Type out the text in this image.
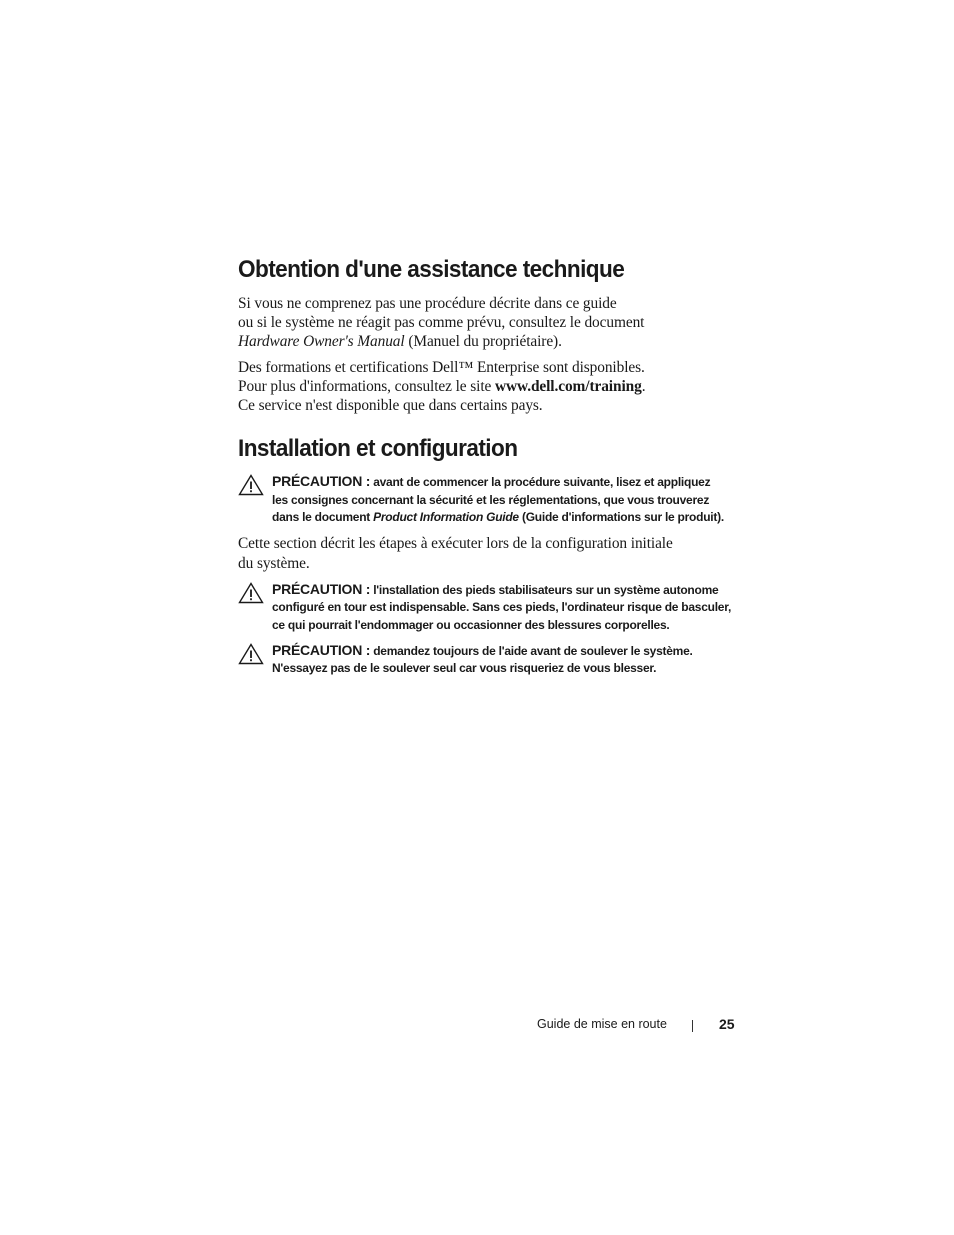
Obtention d'une assistance technique

Si vous ne comprenez pas une procédure décrite dans ce guide
ou si le système ne réagit pas comme prévu, consultez le document
Hardware Owner's Manual (Manuel du propriétaire).

Des formations et certifications Dell™ Enterprise sont disponibles.
Pour plus d'informations, consultez le site www.dell.com/training.
Ce service n'est disponible que dans certains pays.

Installation et configuration
PRÉCAUTION : avant de commencer la procédure suivante, lisez et appliquez
les consignes concernant la sécurité et les réglementations, que vous trouverez
dans le document Product Information Guide (Guide d'informations sur le produit).

Cette section décrit les étapes à exécuter lors de la configuration initiale
du système.

PRÉCAUTION : l'installation des pieds stabilisateurs sur un système autonome
configuré en tour est indispensable. Sans ces pieds, l'ordinateur risque de basculer,
ce qui pourrait l'endommager ou occasionner des blessures corporelles.
PRÉCAUTION : demandez toujours de l'aide avant de soulever le système.
N'essayez pas de le soulever seul car vous risqueriez de vous blesser.
Guide de mise en route	25
